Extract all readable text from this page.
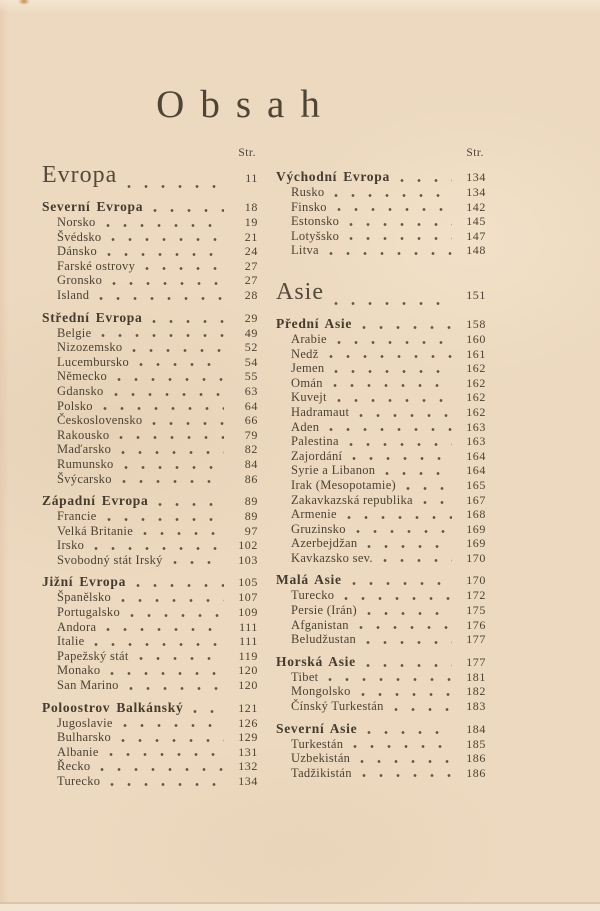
Obsah
Str.
Evropa	11
Severní Evropa	18
Norsko	19
Švédsko	21
Dánsko	24
Farské ostrovy	27
Gronsko	27
Island	28
Střední Evropa	29
Belgie	49
Nizozemsko	52
Lucembursko	54
Německo	55
Gdansko	63
Polsko	64
Československo	66
Rakousko	79
Maďarsko	82
Rumunsko	84
Švýcarsko	86
Západní Evropa	89
Francie	89
Velká Britanie	97
Irsko	102
Svobodný stát Irský	103
Jižní Evropa	105
Španělsko	107
Portugalsko	109
Andora	111
Italie	111
Papežský stát	119
Monako	120
San Marino	120
Poloostrov Balkánský	121
Jugoslavie	126
Bulharsko	129
Albanie	131
Řecko	132
Turecko	134
Str.
Východní Evropa	134
Rusko	134
Finsko	142
Estonsko	145
Lotyšsko	147
Litva	148
Asie	151
Přední Asie	158
Arabie	160
Nedž	161
Jemen	162
Omán	162
Kuvejt	162
Hadramaut	162
Aden	163
Palestina	163
Zajordání	164
Syrie a Libanon	164
Irak (Mesopotamie)	165
Zakavkazská republika	167
Armenie	168
Gruzinsko	169
Azerbejdžan	169
Kavkazsko sev.	170
Malá Asie	170
Turecko	172
Persie (Irán)	175
Afganistan	176
Beludžustan	177
Horská Asie	177
Tibet	181
Mongolsko	182
Čínský Turkestán	183
Severní Asie	184
Turkestán	185
Uzbekistán	186
Tadžikistán	186
